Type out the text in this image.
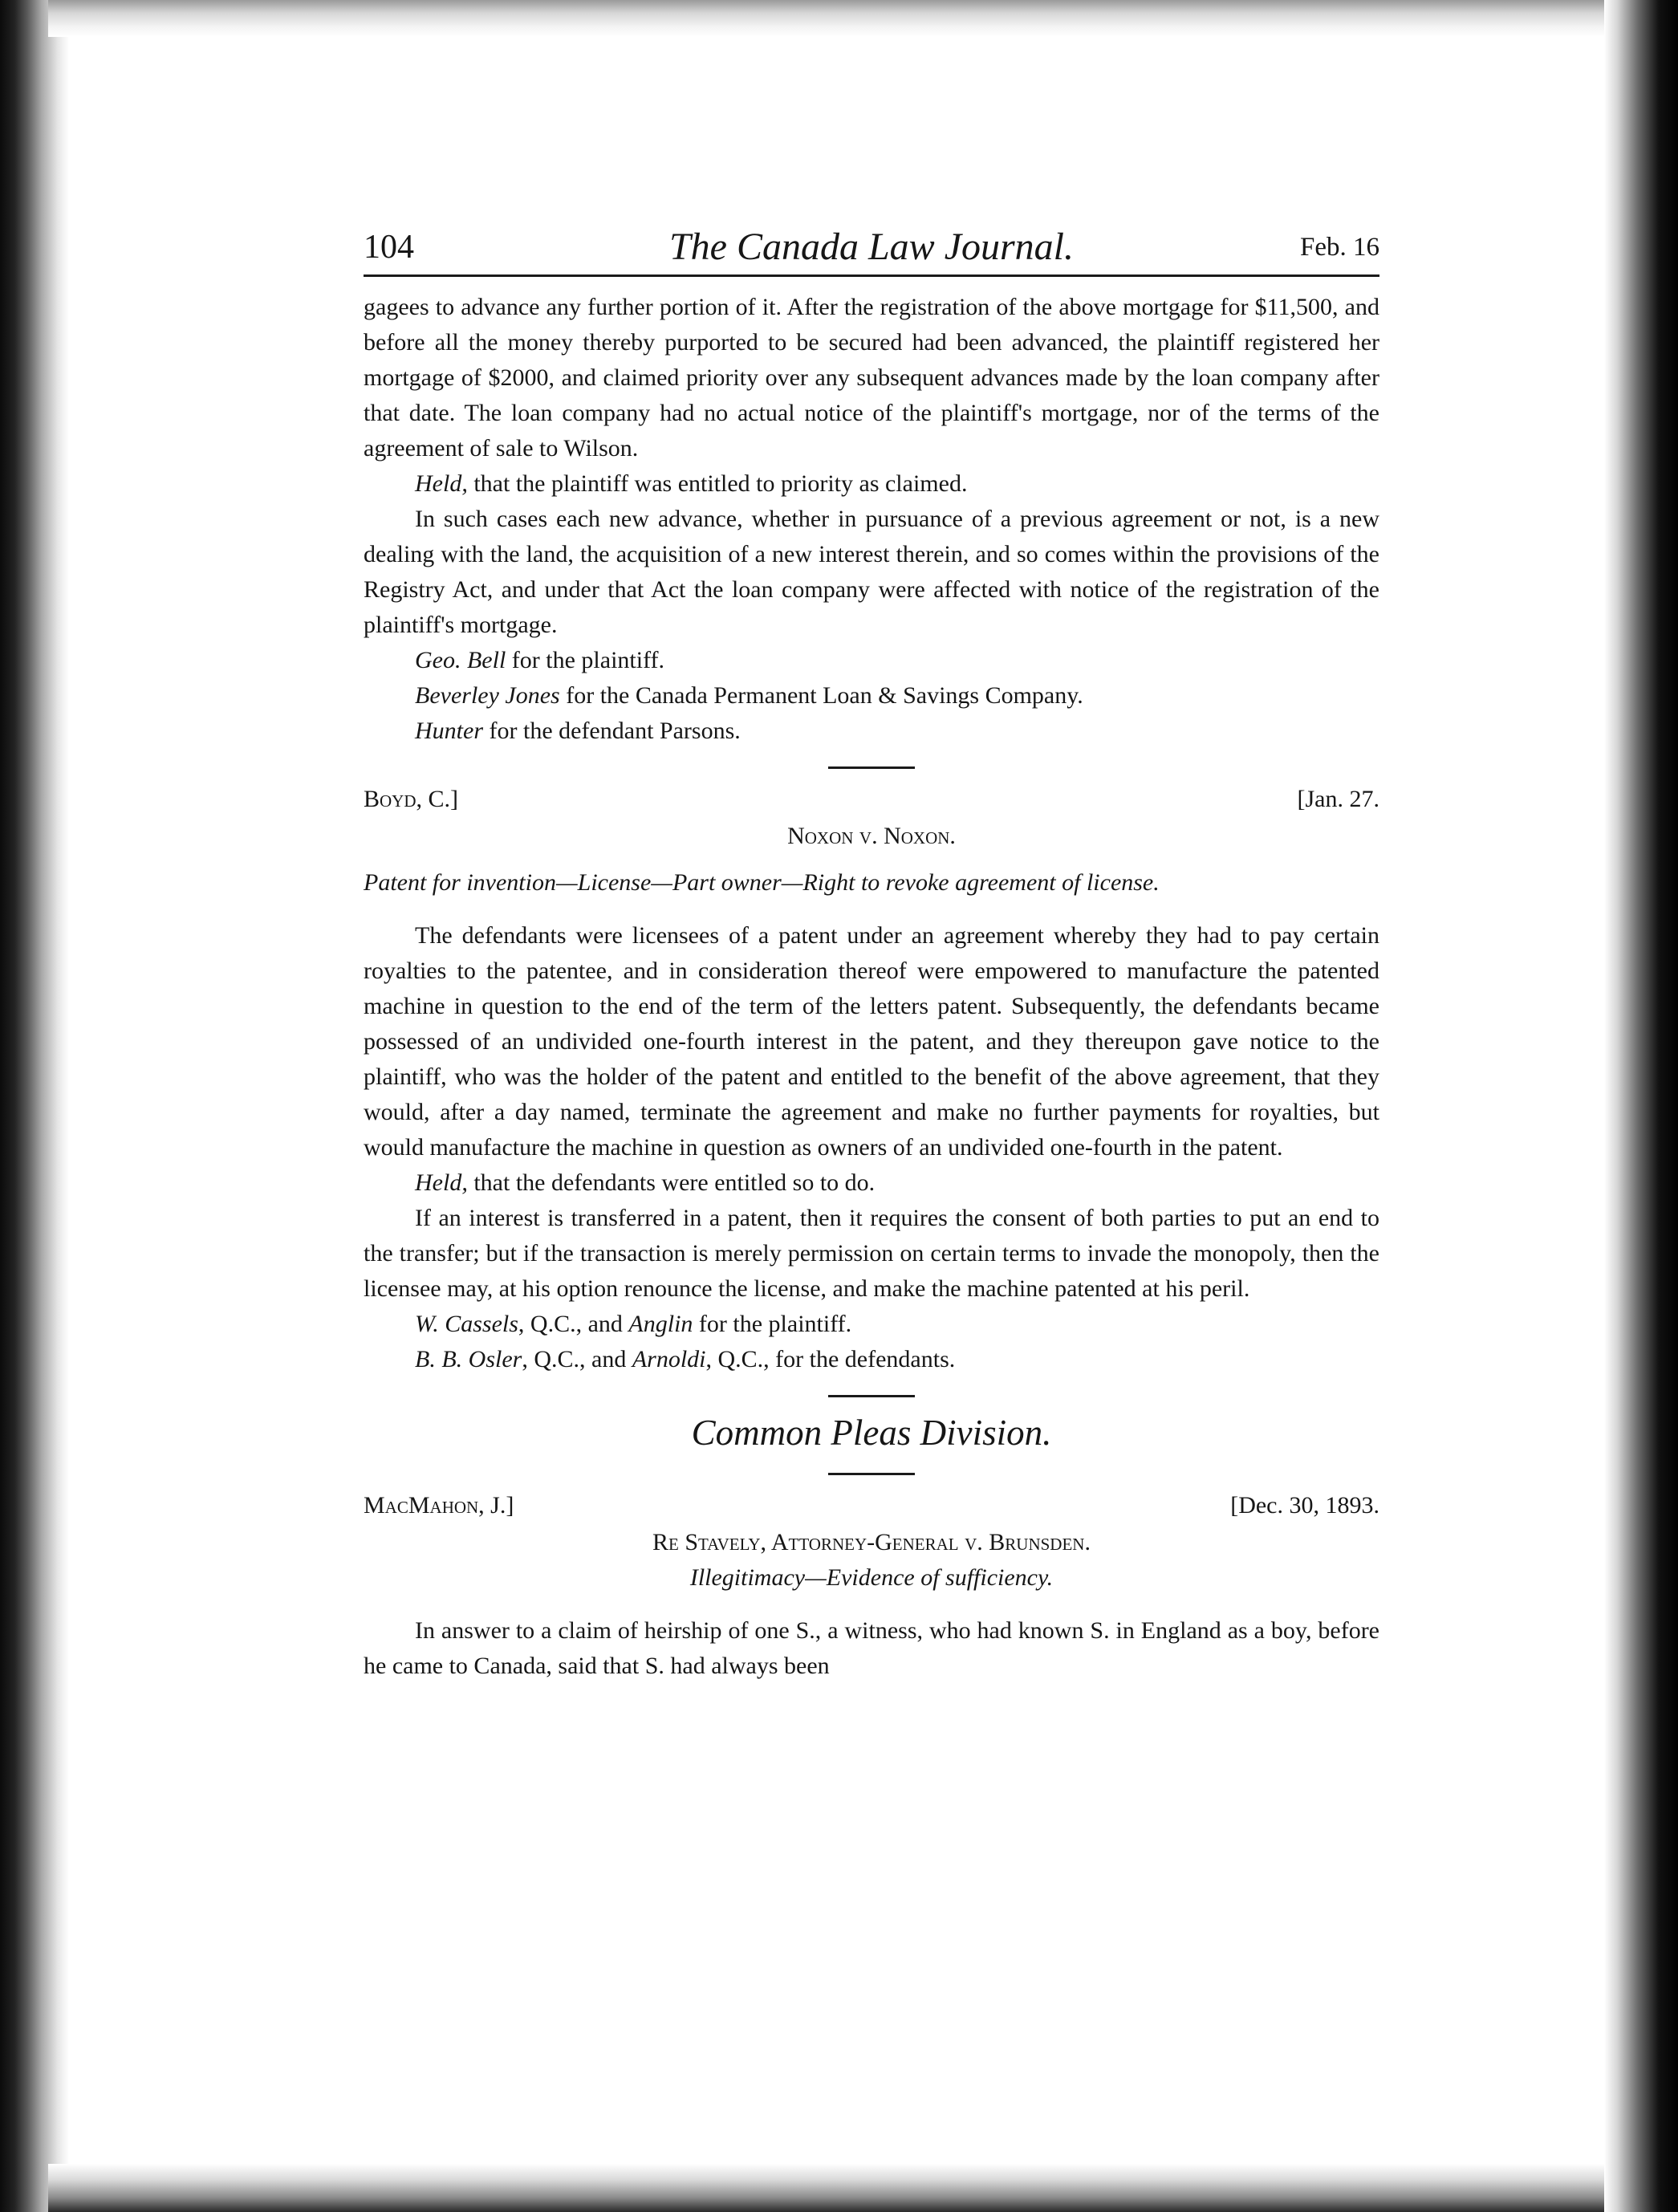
104	The Canada Law Journal.	Feb. 16

gagees to advance any further portion of it. After the registration of the above mortgage for $11,500, and before all the money thereby purported to be secured had been advanced, the plaintiff registered her mortgage of $2000, and claimed priority over any subsequent advances made by the loan company after that date. The loan company had no actual notice of the plaintiff's mortgage, nor of the terms of the agreement of sale to Wilson.

Held, that the plaintiff was entitled to priority as claimed.

In such cases each new advance, whether in pursuance of a previous agreement or not, is a new dealing with the land, the acquisition of a new interest therein, and so comes within the provisions of the Registry Act, and under that Act the loan company were affected with notice of the registration of the plaintiff's mortgage.

Geo. Bell for the plaintiff.

Beverley Jones for the Canada Permanent Loan & Savings Company.

Hunter for the defendant Parsons.

Boyd, C.]	[Jan. 27.

Noxon v. Noxon.

Patent for invention—License—Part owner—Right to revoke agreement of license.

The defendants were licensees of a patent under an agreement whereby they had to pay certain royalties to the patentee, and in consideration thereof were empowered to manufacture the patented machine in question to the end of the term of the letters patent. Subsequently, the defendants became possessed of an undivided one-fourth interest in the patent, and they thereupon gave notice to the plaintiff, who was the holder of the patent and entitled to the benefit of the above agreement, that they would, after a day named, terminate the agreement and make no further payments for royalties, but would manufacture the machine in question as owners of an undivided one-fourth in the patent.

Held, that the defendants were entitled so to do.

If an interest is transferred in a patent, then it requires the consent of both parties to put an end to the transfer; but if the transaction is merely permission on certain terms to invade the monopoly, then the licensee may, at his option renounce the license, and make the machine patented at his peril.

W. Cassels, Q.C., and Anglin for the plaintiff.

B. B. Osler, Q.C., and Arnoldi, Q.C., for the defendants.

Common Pleas Division.

MacMahon, J.]	[Dec. 30, 1893.

Re Stavely, Attorney-General v. Brunsden.

Illegitimacy—Evidence of sufficiency.

In answer to a claim of heirship of one S., a witness, who had known S. in England as a boy, before he came to Canada, said that S. had always been
